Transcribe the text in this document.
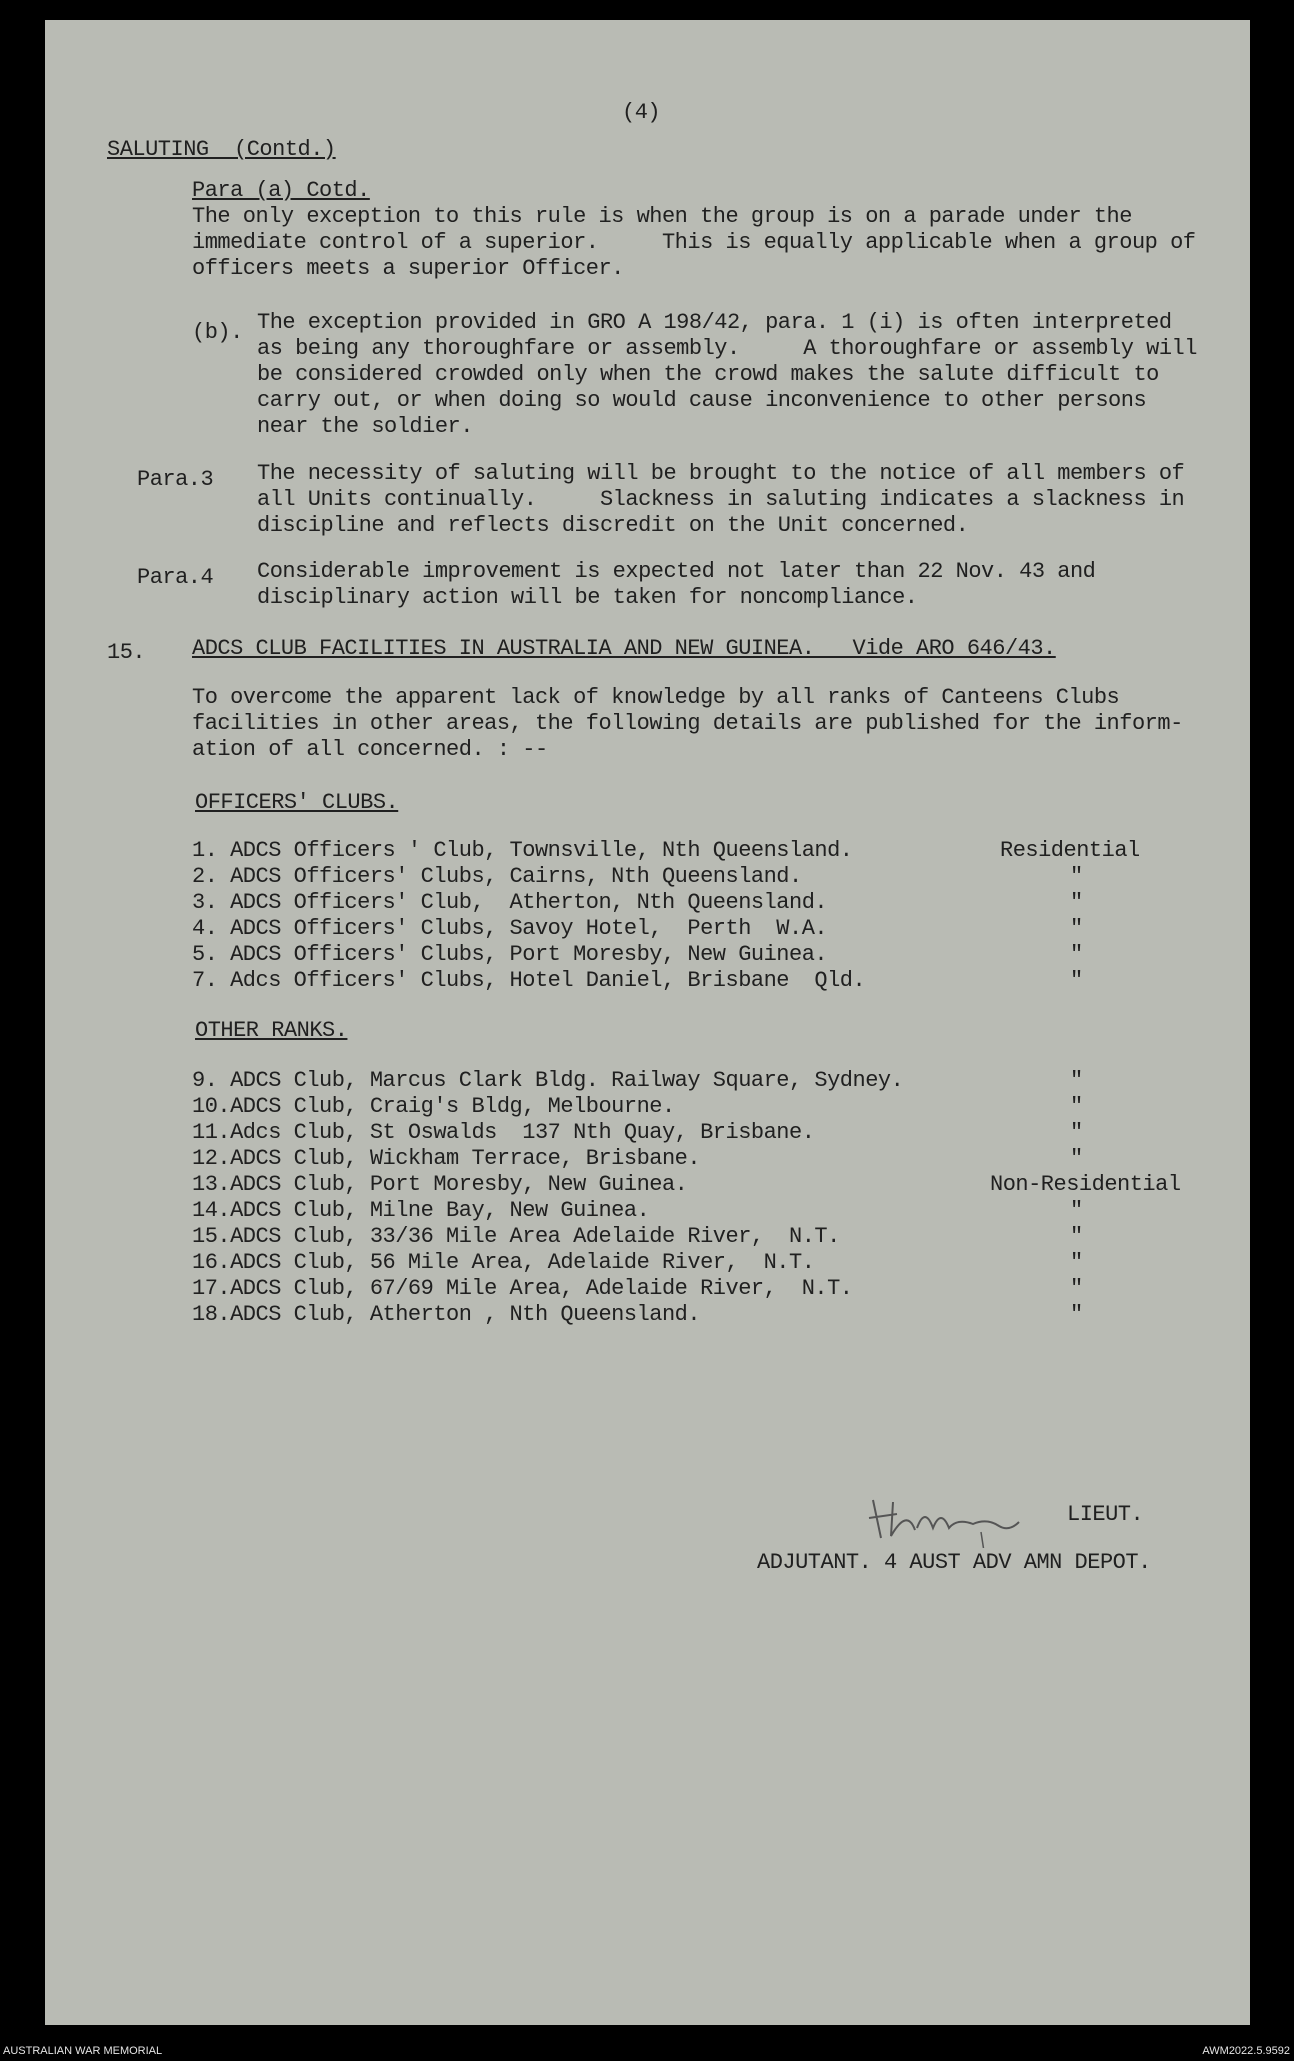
(4)
SALUTING  (Contd.)
Para (a) Cotd.
The only exception to this rule is when the group is on a parade under the
immediate control of a superior.     This is equally applicable when a group of
officers meets a superior Officer.
(b). The exception provided in GRO A 198/42, para. 1 (i) is often interpreted
as being any thoroughfare or assembly.     A thoroughfare or assembly will
be considered crowded only when the crowd makes the salute difficult to
carry out, or when doing so would cause inconvenience to other persons
near the soldier.
Para.3 The necessity of saluting will be brought to the notice of all members of
all Units continually.     Slackness in saluting indicates a slackness in
discipline and reflects discredit on the Unit concerned.
Para.4 Considerable improvement is expected not later than 22 Nov. 43 and
disciplinary action will be taken for noncompliance.
15. ADCS CLUB FACILITIES IN AUSTRALIA AND NEW GUINEA.   Vide ARO 646/43.
To overcome the apparent lack of knowledge by all ranks of Canteens Clubs
facilities in other areas, the following details are published for the inform-
ation of all concerned. : --
OFFICERS' CLUBS.
1. ADCS Officers ' Club, Townsville, Nth Queensland.	Residential
2. ADCS Officers' Clubs, Cairns, Nth Queensland.	"
3. ADCS Officers' Club,  Atherton, Nth Queensland.	"
4. ADCS Officers' Clubs, Savoy Hotel,  Perth  W.A.	"
5. ADCS Officers' Clubs, Port Moresby, New Guinea.	"
7. Adcs Officers' Clubs, Hotel Daniel, Brisbane  Qld.	"
OTHER RANKS.
9. ADCS Club, Marcus Clark Bldg. Railway Square, Sydney.	"
10.ADCS Club, Craig's Bldg, Melbourne.	"
11.Adcs Club, St Oswalds  137 Nth Quay, Brisbane.	"
12.ADCS Club, Wickham Terrace, Brisbane.	"
13.ADCS Club, Port Moresby, New Guinea.	Non-Residential
14.ADCS Club, Milne Bay, New Guinea.	"
15.ADCS Club, 33/36 Mile Area Adelaide River,  N.T.	"
16.ADCS Club, 56 Mile Area, Adelaide River,  N.T.	"
17.ADCS Club, 67/69 Mile Area, Adelaide River,  N.T.	"
18.ADCS Club, Atherton , Nth Queensland.	"
LIEUT.
ADJUTANT. 4 AUST ADV AMN DEPOT.
AUSTRALIAN WAR MEMORIAL	AWM2022.5.9592
